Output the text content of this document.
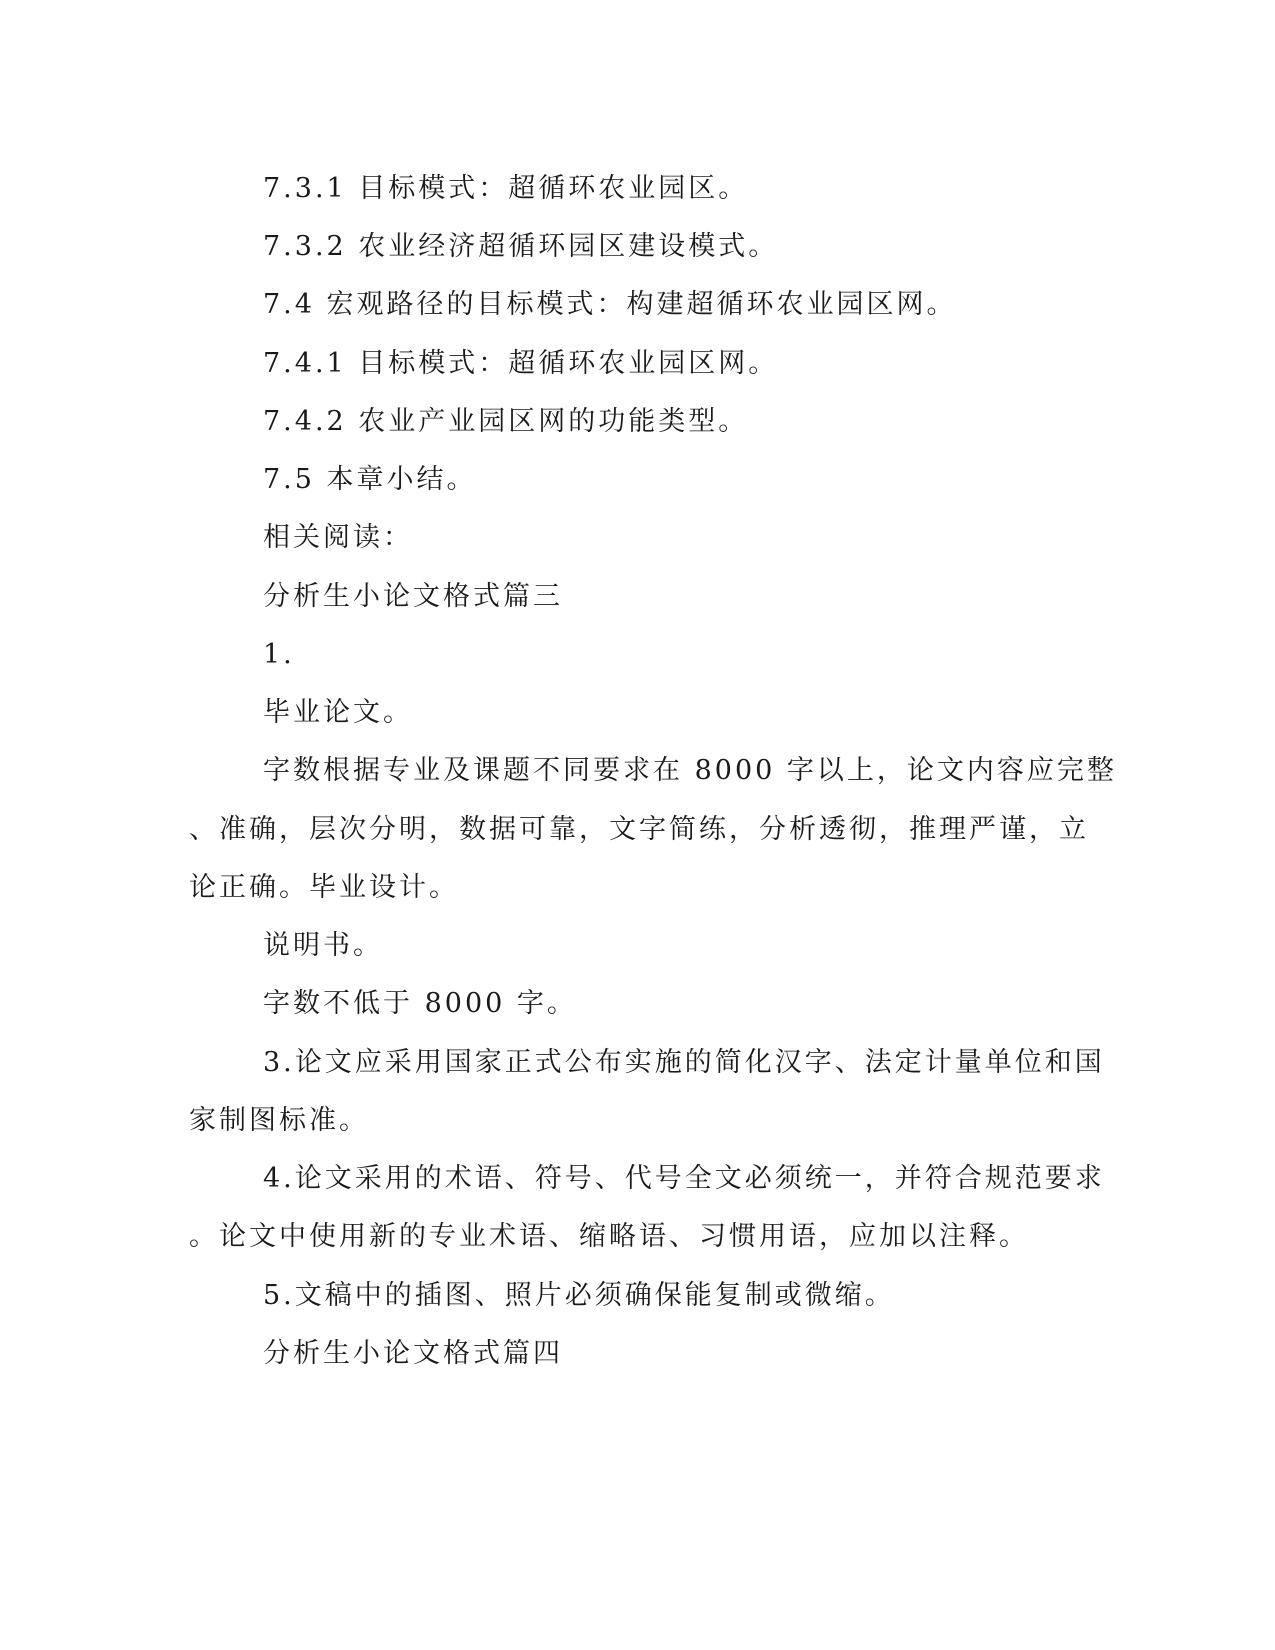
7.3.1 目标模式：超循环农业园区。
7.3.2 农业经济超循环园区建设模式。
7.4 宏观路径的目标模式：构建超循环农业园区网。
7.4.1 目标模式：超循环农业园区网。
7.4.2 农业产业园区网的功能类型。
7.5 本章小结。
相关阅读：
分析生小论文格式篇三
1.
毕业论文。
字数根据专业及课题不同要求在 8000 字以上，论文内容应完整
、准确，层次分明，数据可靠，文字简练，分析透彻，推理严谨，立
论正确。毕业设计。
说明书。
字数不低于 8000 字。
3.论文应采用国家正式公布实施的简化汉字、法定计量单位和国
家制图标准。
4.论文采用的术语、符号、代号全文必须统一，并符合规范要求
。论文中使用新的专业术语、缩略语、习惯用语，应加以注释。
5.文稿中的插图、照片必须确保能复制或微缩。
分析生小论文格式篇四
